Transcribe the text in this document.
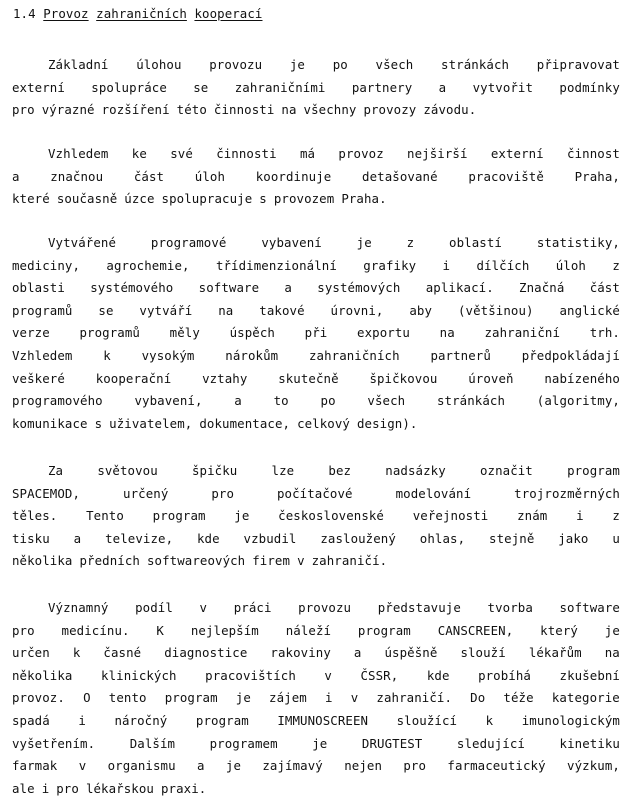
1.4 Provoz zahraničních kooperací
Základní úlohou provozu je po všech stránkách připravovat
externí spolupráce se zahraničními partnery a vytvořit podmínky
pro výrazné rozšíření této činnosti na všechny provozy závodu.
Vzhledem ke své činnosti má provoz nejširší externí činnost
a značnou část úloh koordinuje detašované pracoviště Praha,
které současně úzce spolupracuje s provozem Praha.
Vytvářené	programové	vybavení	je	z	oblastí	statistiky,
mediciny, agrochemie, třídimenzionální grafiky i dílčích úloh z
oblasti systémového software a systémových aplikací. Značná část
programů se vytváří na takové úrovni, aby (většinou) anglické
verze programů měly úspěch při exportu na zahraniční trh.
Vzhledem k vysokým nárokům zahraničních partnerů předpokládají
veškeré kooperační vztahy skutečně špičkovou úroveň nabízeného
programového	vybavení,	a	to	po	všech	stránkách	(algoritmy,
komunikace s uživatelem, dokumentace, celkový design).
Za	světovou	špičku	lze	bez	nadsázky	označit	program
SPACEMOD,	určený	pro	počítačové	modelování	trojrozměrných
těles. Tento program je československé veřejnosti znám i z
tisku a televize, kde vzbudil zasloužený ohlas, stejně jako u
několika předních softwareových firem v zahraničí.
Významný podíl v práci provozu představuje tvorba software
pro medicínu. K nejlepším náleží program CANSCREEN, který je
určen k časné diagnostice rakoviny a úspěšně slouží lékařům na
několika klinických pracovištích v ČSSR, kde probíhá zkušební
provoz. O tento program je zájem i v zahraničí. Do téže kategorie
spadá i náročný program IMMUNOSCREEN sloužící k imunologickým
vyšetřením.	Dalším	programem	je	DRUGTEST	sledující	kinetiku
farmak v organismu a je zajímavý nejen pro farmaceutický výzkum,
ale i pro lékařskou praxi.
